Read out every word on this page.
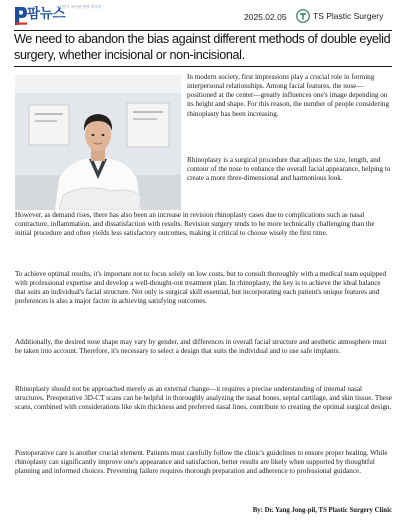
팜뉴스
대한민국 의약품 종합 미디어
2025.02.05	TS Plastic Surgery
We need to abandon the bias against different methods of double eyelid surgery, whether incisional or non-incisional.

In modern society, first impressions play a crucial role in forming interpersonal relationships. Among facial features, the nose—positioned at the center—greatly influences one's image depending on its height and shape. For this reason, the number of people considering rhinoplasty has been increasing.

Rhinoplasty is a surgical procedure that adjusts the size, length, and contour of the nose to enhance the overall facial appearance, helping to create a more three-dimensional and harmonious look.

However, as demand rises, there has also been an increase in revision rhinoplasty cases due to complications such as nasal contracture, inflammation, and dissatisfaction with results. Revision surgery tends to be more technically challenging than the initial procedure and often yields less satisfactory outcomes, making it critical to choose wisely the first time.

To achieve optimal results, it's important not to focus solely on low costs, but to consult thoroughly with a medical team equipped with professional expertise and develop a well-thought-out treatment plan. In rhinoplasty, the key is to achieve the ideal balance that suits an individual's facial structure. Not only is surgical skill essential, but incorporating each patient's unique features and preferences is also a major factor in achieving satisfying outcomes.

Additionally, the desired nose shape may vary by gender, and differences in overall facial structure and aesthetic atmosphere must be taken into account. Therefore, it's necessary to select a design that suits the individual and to use safe implants.

Rhinoplasty should not be approached merely as an external change—it requires a precise understanding of internal nasal structures. Preoperative 3D-CT scans can be helpful in thoroughly analyzing the nasal bones, septal cartilage, and skin tissue. These scans, combined with considerations like skin thickness and preferred nasal lines, contribute to creating the optimal surgical design.

Postoperative care is another crucial element. Patients must carefully follow the clinic's guidelines to ensure proper healing. While rhinoplasty can significantly improve one's appearance and satisfaction, better results are likely when supported by thoughtful planning and informed choices. Preventing failure requires thorough preparation and adherence to professional guidance.

By: Dr. Yang Jong-pil, TS Plastic Surgery Clinic
